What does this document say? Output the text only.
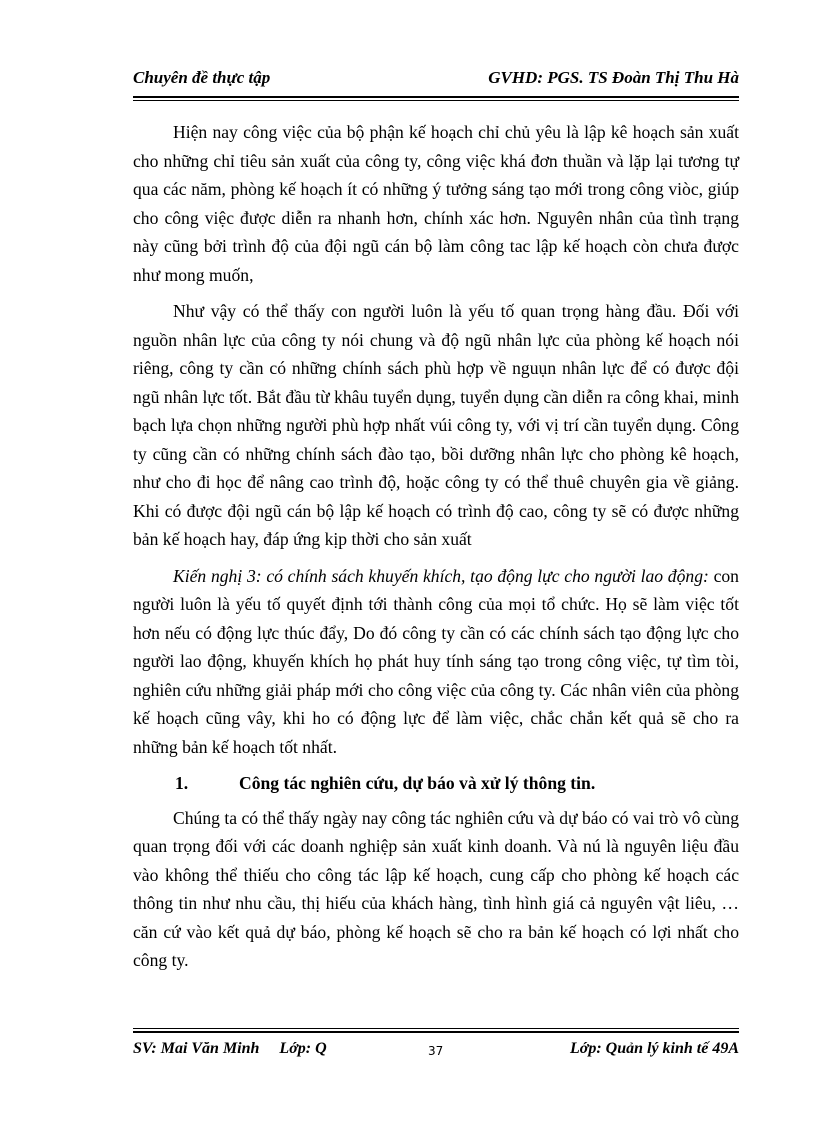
Chuyên đề thực tập	GVHD: PGS. TS Đoàn Thị Thu Hà

Hiện nay công việc của bộ phận kế hoạch chỉ chủ yêu là lập kê hoạch sản xuất cho những chỉ tiêu sản xuất của công ty, công việc khá đơn thuần và lặp lại tương tự qua các năm, phòng kế hoạch ít có những ý tưởng sáng tạo mới trong công viòc, giúp cho công việc được diễn ra nhanh hơn, chính xác hơn. Nguyên nhân của tình trạng này cũng bởi trình độ của đội ngũ cán bộ làm công tac lập kế hoạch còn chưa được như mong muốn,

Như vậy có thể thấy con người luôn là yếu tố quan trọng hàng đầu. Đối với nguồn nhân lực của công ty nói chung và độ ngũ nhân lực của phòng kế hoạch nói riêng, công ty cần có những chính sách phù hợp về nguụn nhân lực để có được đội ngũ nhân lực tốt. Bắt đầu từ khâu tuyển dụng, tuyển dụng cần diễn ra công khai, minh bạch lựa chọn những người phù hợp nhất vúi công ty, với vị trí cần tuyển dụng. Công ty cũng cần có những chính sách đào tạo, bồi dưỡng nhân lực cho phòng kê hoạch, như cho đi học để nâng cao trình độ, hoặc công ty có thể thuê chuyên gia về giảng. Khi có được đội ngũ cán bộ lập kế hoạch có trình độ cao, công ty sẽ có được những bản kế hoạch hay, đáp ứng kịp thời cho sản xuất

Kiến nghị 3: có chính sách khuyến khích, tạo động lực cho người lao động: con người luôn là yếu tố quyết định tới thành công của mọi tổ chức. Họ sẽ làm việc tốt hơn nếu có động lực thúc đẩy, Do đó công ty cần có các chính sách tạo động lực cho người lao động, khuyến khích họ phát huy tính sáng tạo trong công việc, tự tìm tòi, nghiên cứu những giải pháp mới cho công việc của công ty. Các nhân viên của phòng kế hoạch cũng vây, khi ho có động lực để làm việc, chắc chắn kết quả sẽ cho ra những bản kế hoạch tốt nhất.

1.	Công tác nghiên cứu, dự báo và xử lý thông tin.

Chúng ta có thể thấy ngày nay công tác nghiên cứu và dự báo có vai trò vô cùng quan trọng đối với các doanh nghiệp sản xuất kinh doanh. Và nú là nguyên liệu đầu vào không thể thiếu cho công tác lập kế hoạch, cung cấp cho phòng kế hoạch các thông tin như nhu cầu, thị hiếu của khách hàng, tình hình giá cả nguyên vật liêu, … căn cứ vào kết quả dự báo, phòng kế hoạch sẽ cho ra bản kế hoạch có lợi nhất cho công ty.

SV: Mai Văn Minh Lớp: Q	37	Lớp: Quản lý kinh tế 49A
